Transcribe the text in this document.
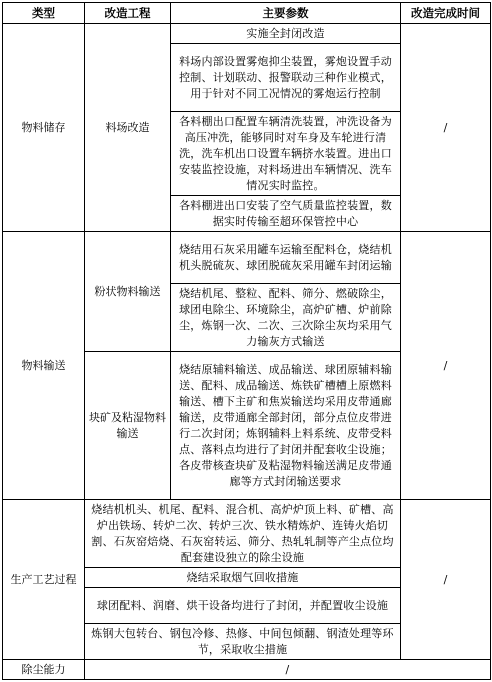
类型	改造工程	主要参数	改造完成时间
物料储存	料场改造	实施全封闭改造	/
		料场内部设置雾炮抑尘装置，雾炮设置手动控制、计划联动、报警联动三种作业模式，用于针对不同工况情况的雾炮运行控制	
		各料棚出口配置车辆清洗装置，冲洗设备为高压冲洗，能够同时对车身及车轮进行清洗，洗车机出口设置车辆挤水装置。进出口安装监控设施，对料场进出车辆情况、洗车情况实时监控。	
		各料棚进出口安装了空气质量监控装置，数据实时传输至超环保管控中心	
物料输送	粉状物料输送	烧结用石灰采用罐车运输至配料仓，烧结机机头脱硫灰、球团脱硫灰采用罐车封闭运输	/
		烧结机尾、整粒、配料、筛分、燃破除尘，球团电除尘、环境除尘，高炉矿槽、炉前除尘，炼钢一次、二次、三次除尘灰均采用气力输灰方式输送	
	块矿及粘湿物料输送	烧结原辅料输送、成品输送、球团原辅料输送、配料、成品输送、炼铁矿槽槽上原燃料输送、槽下主矿和焦炭输送均采用皮带通廊输送，皮带通廊全部封闭，部分点位皮带进行二次封闭；炼钢辅料上料系统、皮带受料点、落料点均进行了封闭并配套收尘设施；各皮带核查块矿及粘湿物料输送满足皮带通廊等方式封闭输送要求	
生产工艺过程	烧结机机头、机尾、配料、混合机、高炉炉顶上料、矿槽、高炉出铁场、转炉二次、转炉三次、铁水精炼炉、连铸火焰切割、石灰窑焙烧、石灰窑转运、筛分、热轧轧制等产尘点位均配套建设独立的除尘设施		/
	烧结采取烟气回收措施		
	球团配料、润磨、烘干设备均进行了封闭，并配置收尘设施		
	炼钢大包转台、钢包冷修、热修、中间包倾翻、钢渣处理等环节，采取收尘措施		
除尘能力	/		
